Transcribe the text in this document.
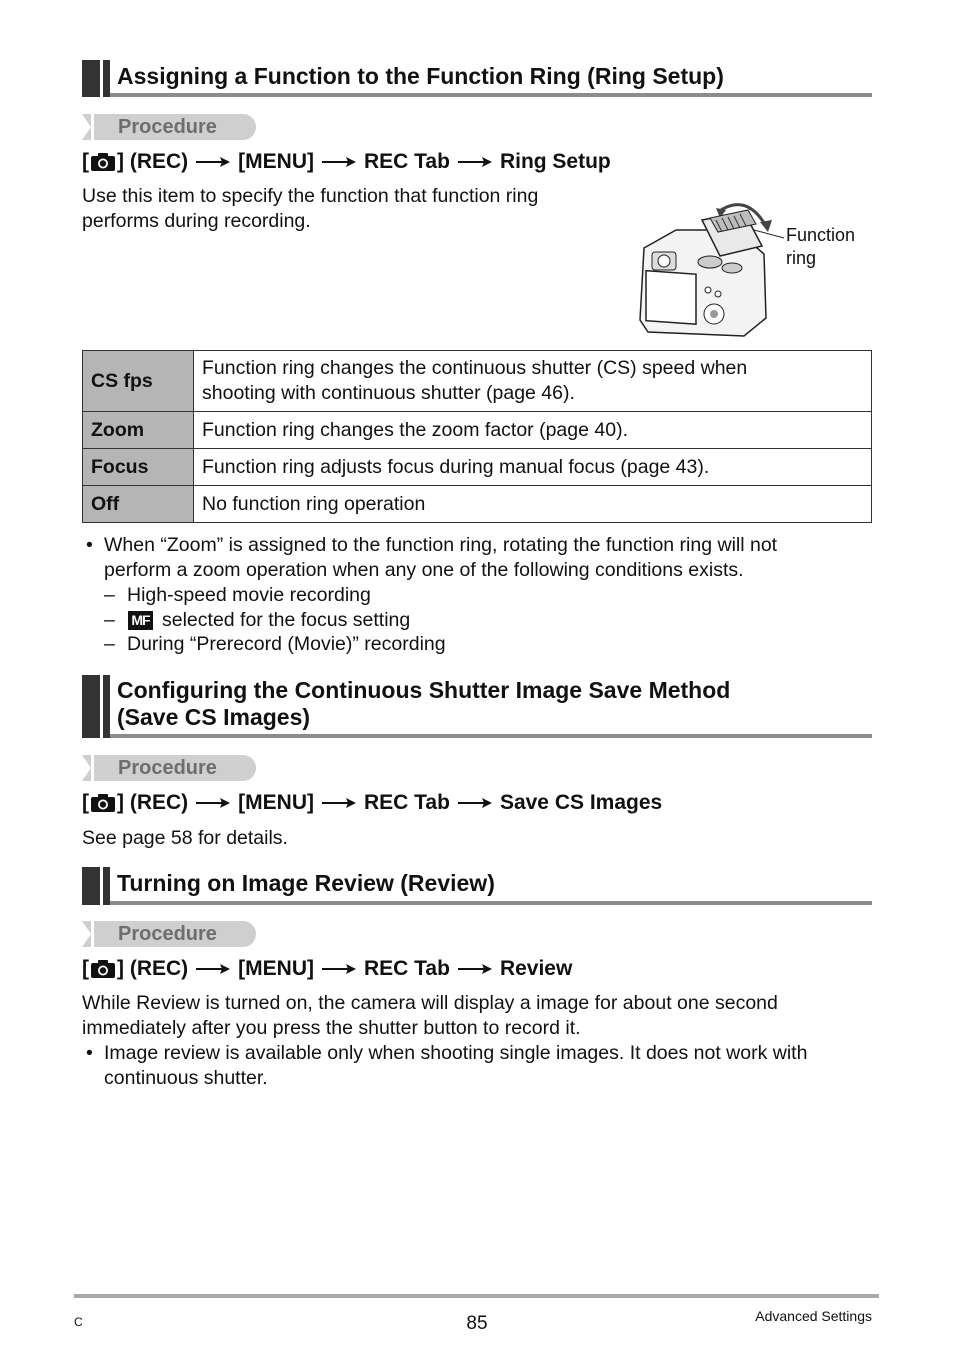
Assigning a Function to the Function Ring (Ring Setup)
Procedure
[ ] (REC) [MENU] REC Tab Ring Setup
Use this item to specify the function that function ring
performs during recording.
Function
ring
CS fps	Function ring changes the continuous shutter (CS) speed when
shooting with continuous shutter (page 46).

Zoom	Function ring changes the zoom factor (page 40).
Focus	Function ring adjusts focus during manual focus (page 43).
Off	No function ring operation
• When “Zoom” is assigned to the function ring, rotating the function ring will not
perform a zoom operation when any one of the following conditions exists.
– High-speed movie recording
– MF selected for the focus setting
– During “Prerecord (Movie)” recording
Configuring the Continuous Shutter Image Save Method
(Save CS Images)
Procedure
[ ] (REC) [MENU] REC Tab Save CS Images
See page 58 for details.
Turning on Image Review (Review)
Procedure
[ ] (REC) [MENU] REC Tab Review
While Review is turned on, the camera will display a image for about one second
immediately after you press the shutter button to record it.
• Image review is available only when shooting single images. It does not work with
continuous shutter.
C	85	Advanced Settings
